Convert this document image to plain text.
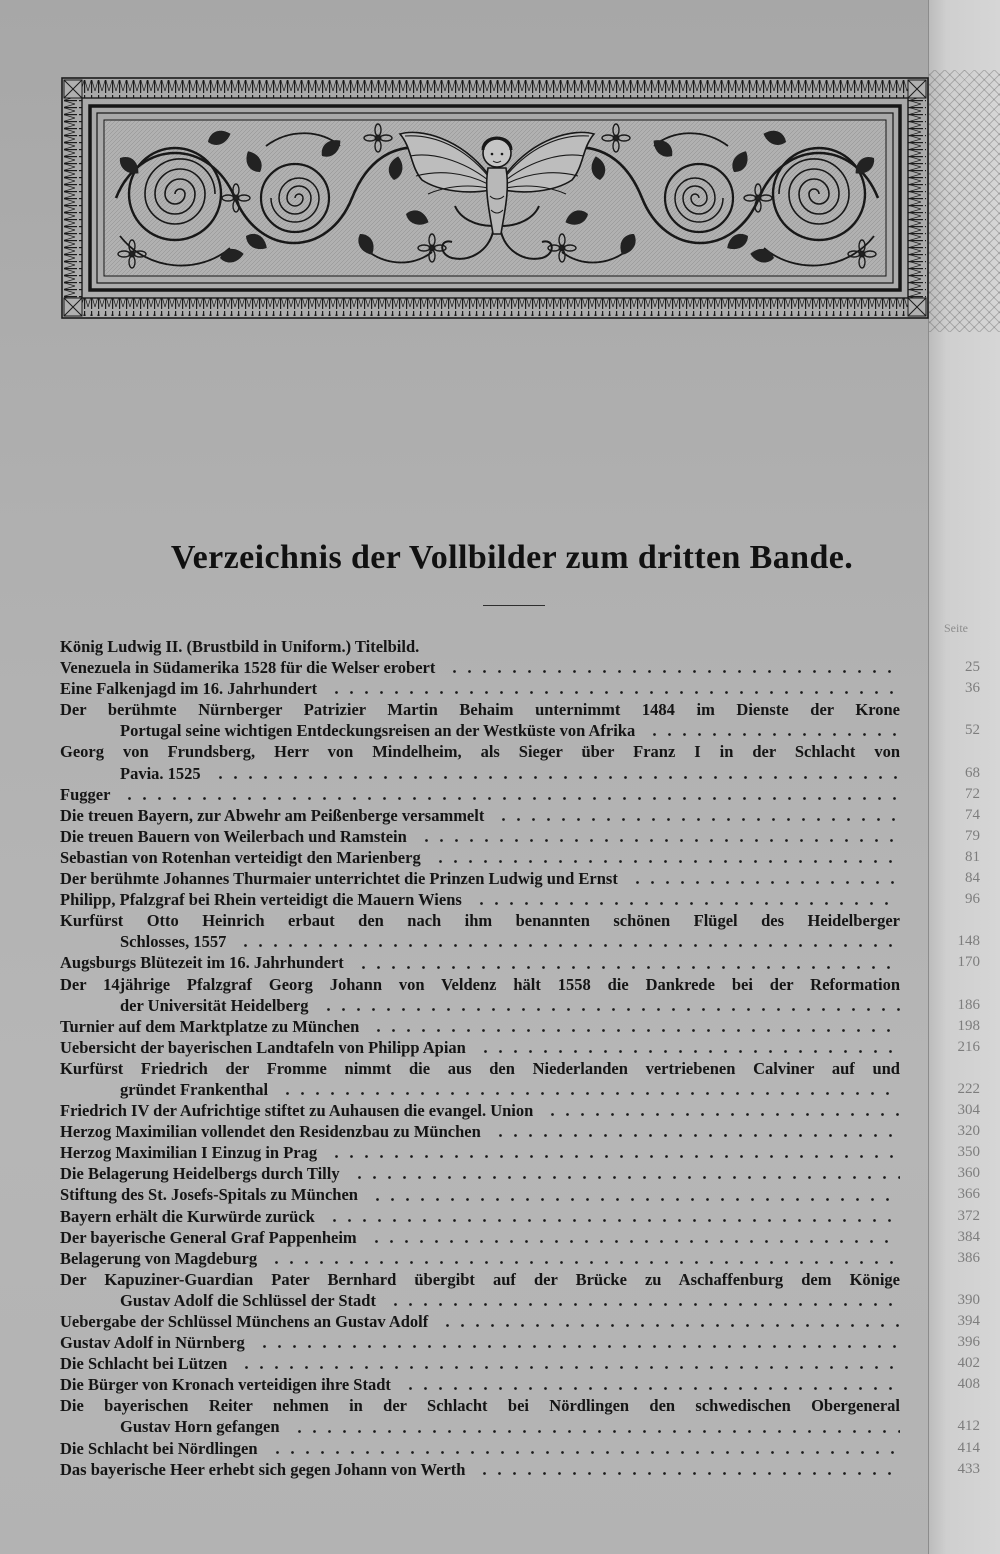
Verzeichnis der Vollbilder zum dritten Bande.
Seite
König Ludwig II. (Brustbild in Uniform.) Titelbild.
Venezuela in Südamerika 1528 für die Welser erobert	25
Eine Falkenjagd im 16. Jahrhundert	36
Der berühmte Nürnberger Patrizier Martin Behaim unternimmt 1484 im Dienste der Krone
Portugal seine wichtigen Entdeckungsreisen an der Westküste von Afrika	52
Georg von Frundsberg, Herr von Mindelheim, als Sieger über Franz I in der Schlacht von
Pavia. 1525	68
Fugger	72
Die treuen Bayern, zur Abwehr am Peißenberge versammelt	74
Die treuen Bauern von Weilerbach und Ramstein	79
Sebastian von Rotenhan verteidigt den Marienberg	81
Der berühmte Johannes Thurmaier unterrichtet die Prinzen Ludwig und Ernst	84
Philipp, Pfalzgraf bei Rhein verteidigt die Mauern Wiens	96
Kurfürst Otto Heinrich erbaut den nach ihm benannten schönen Flügel des Heidelberger
Schlosses, 1557	148
Augsburgs Blütezeit im 16. Jahrhundert	170
Der 14jährige Pfalzgraf Georg Johann von Veldenz hält 1558 die Dankrede bei der Reformation
der Universität Heidelberg	186
Turnier auf dem Marktplatze zu München	198
Uebersicht der bayerischen Landtafeln von Philipp Apian	216
Kurfürst Friedrich der Fromme nimmt die aus den Niederlanden vertriebenen Calviner auf und
gründet Frankenthal	222
Friedrich IV der Aufrichtige stiftet zu Auhausen die evangel. Union	304
Herzog Maximilian vollendet den Residenzbau zu München	320
Herzog Maximilian I Einzug in Prag	350
Die Belagerung Heidelbergs durch Tilly	360
Stiftung des St. Josefs-Spitals zu München	366
Bayern erhält die Kurwürde zurück	372
Der bayerische General Graf Pappenheim	384
Belagerung von Magdeburg	386
Der Kapuziner-Guardian Pater Bernhard übergibt auf der Brücke zu Aschaffenburg dem Könige
Gustav Adolf die Schlüssel der Stadt	390
Uebergabe der Schlüssel Münchens an Gustav Adolf	394
Gustav Adolf in Nürnberg	396
Die Schlacht bei Lützen	402
Die Bürger von Kronach verteidigen ihre Stadt	408
Die bayerischen Reiter nehmen in der Schlacht bei Nördlingen den schwedischen Obergeneral
Gustav Horn gefangen	412
Die Schlacht bei Nördlingen	414
Das bayerische Heer erhebt sich gegen Johann von Werth	433
